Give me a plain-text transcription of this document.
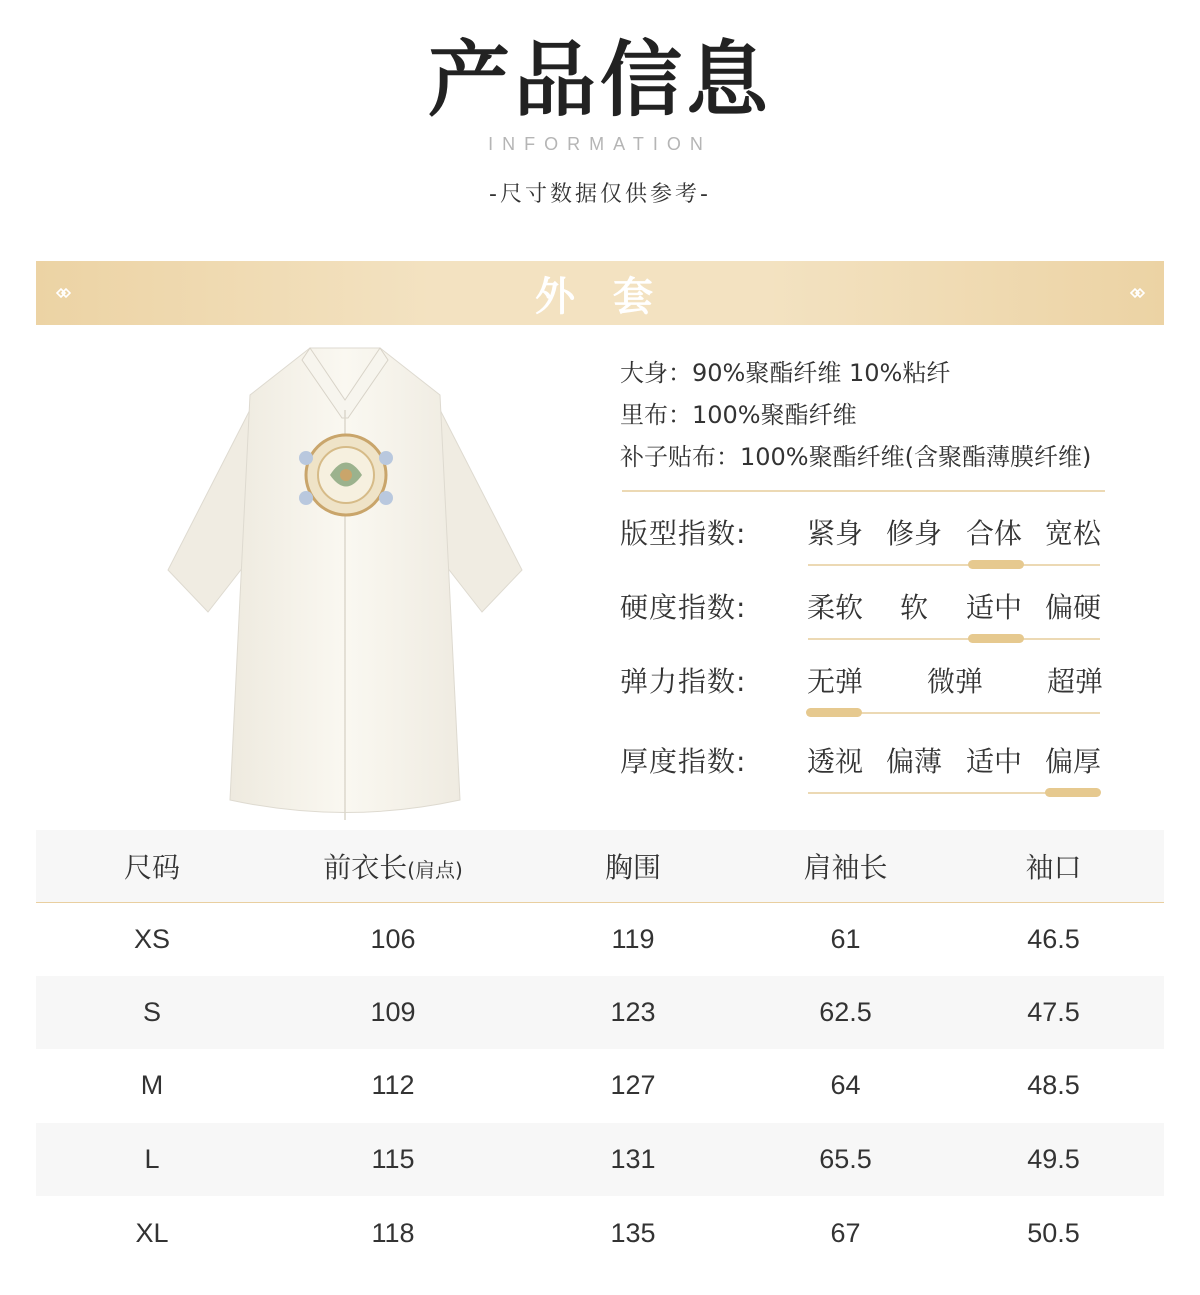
产品信息
INFORMATION
-尺寸数据仅供参考-
外 套
大身：90%聚酯纤维 10%粘纤
里布：100%聚酯纤维
补子贴布：100%聚酯纤维(含聚酯薄膜纤维)
版型指数: 紧身 修身 合体 宽松
硬度指数: 柔软	软	适中 偏硬
弹力指数: 无弹 微弹 超弹
厚度指数: 透视 偏薄 适中 偏厚
尺码	前衣长(肩点)	胸围	肩袖长	袖口
XS	106	119	61	46.5
S	109	123	62.5	47.5
M	112	127	64	48.5
L	115	131	65.5	49.5
XL	118	135	67	50.5
